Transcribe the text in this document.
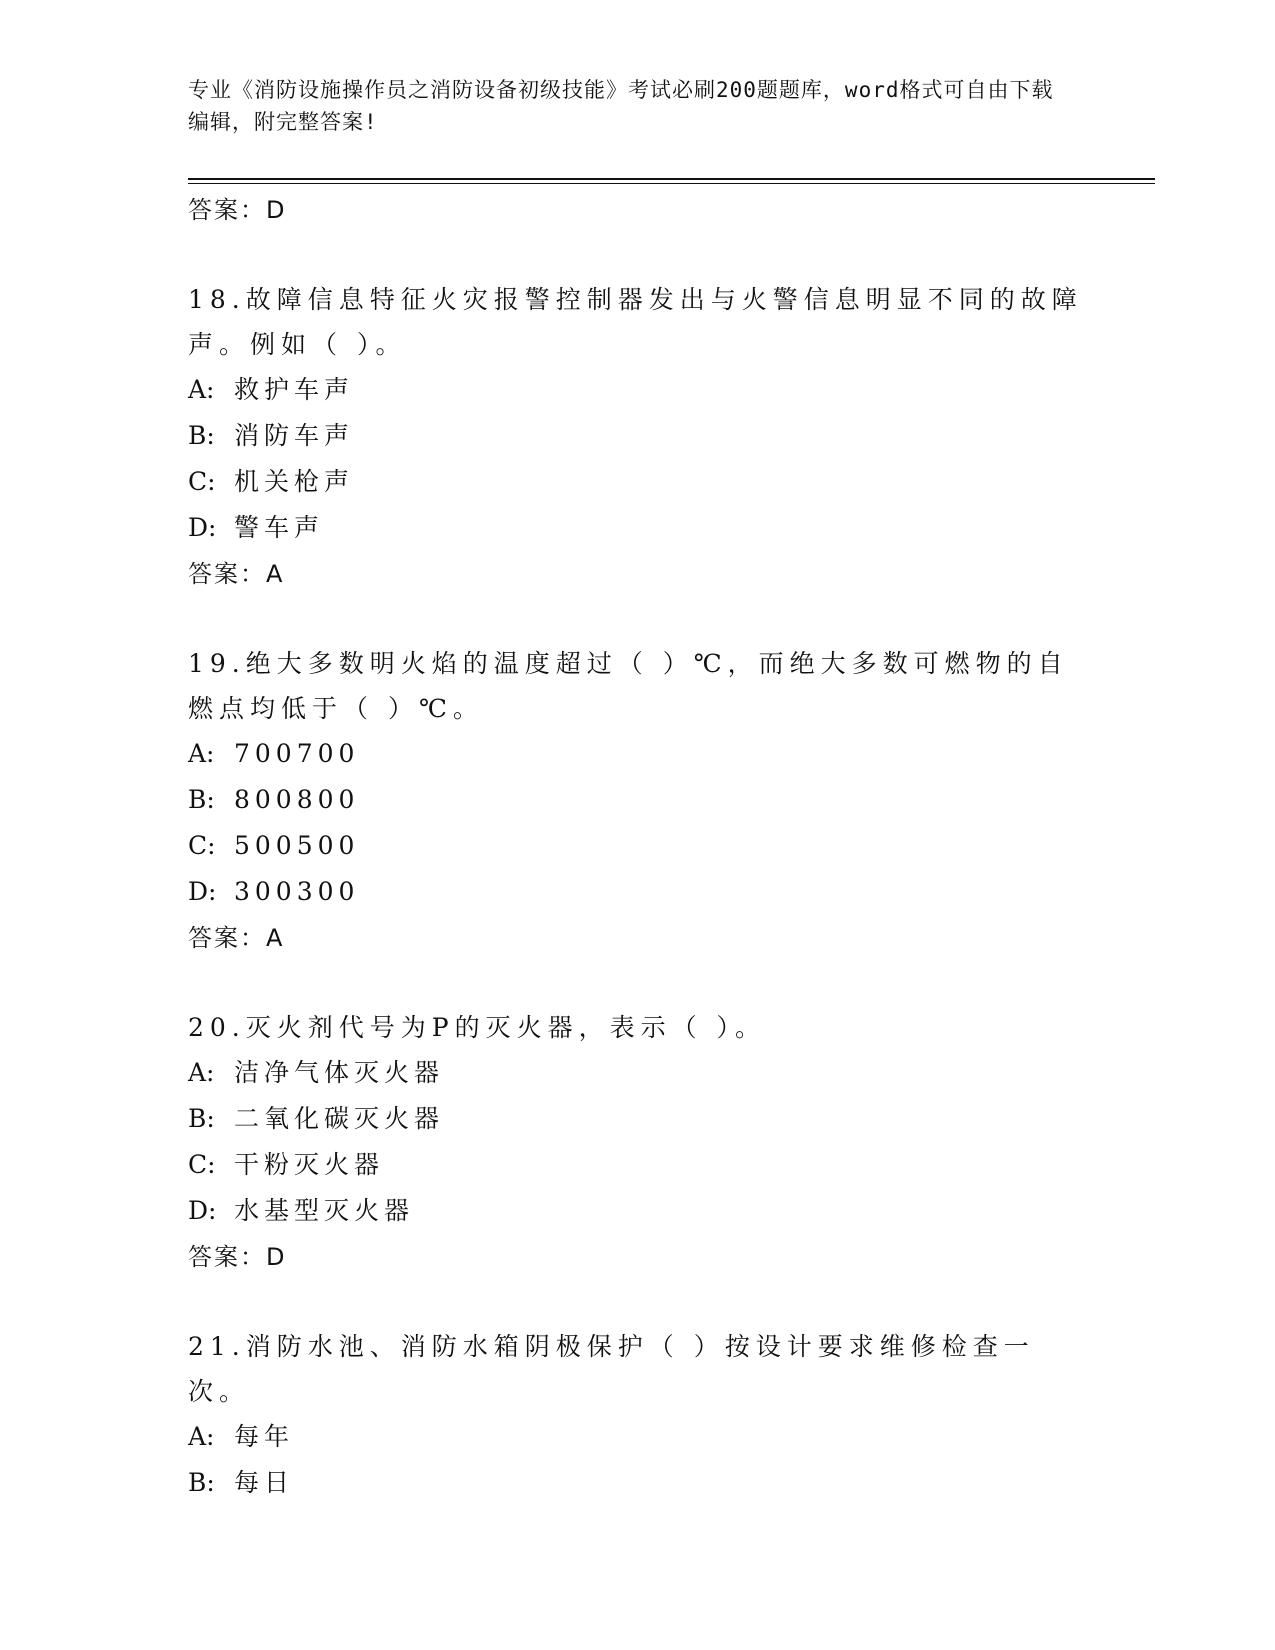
专业《消防设施操作员之消防设备初级技能》考试必刷200题题库，word格式可自由下载编辑，附完整答案!
答案：D

18.故障信息特征火灾报警控制器发出与火警信息明显不同的故障声。例如（ ）。

A: 救护车声
B: 消防车声
C: 机关枪声
D: 警车声
答案：A

19.绝大多数明火焰的温度超过（ ）℃，而绝大多数可燃物的自燃点均低于（ ）℃。

A: 700700
B: 800800
C: 500500
D: 300300
答案：A

20.灭火剂代号为P的灭火器，表示（ ）。

A: 洁净气体灭火器
B: 二氧化碳灭火器
C: 干粉灭火器
D: 水基型灭火器
答案：D

21.消防水池、消防水箱阴极保护（ ）按设计要求维修检查一次。

A: 每年
B: 每日
